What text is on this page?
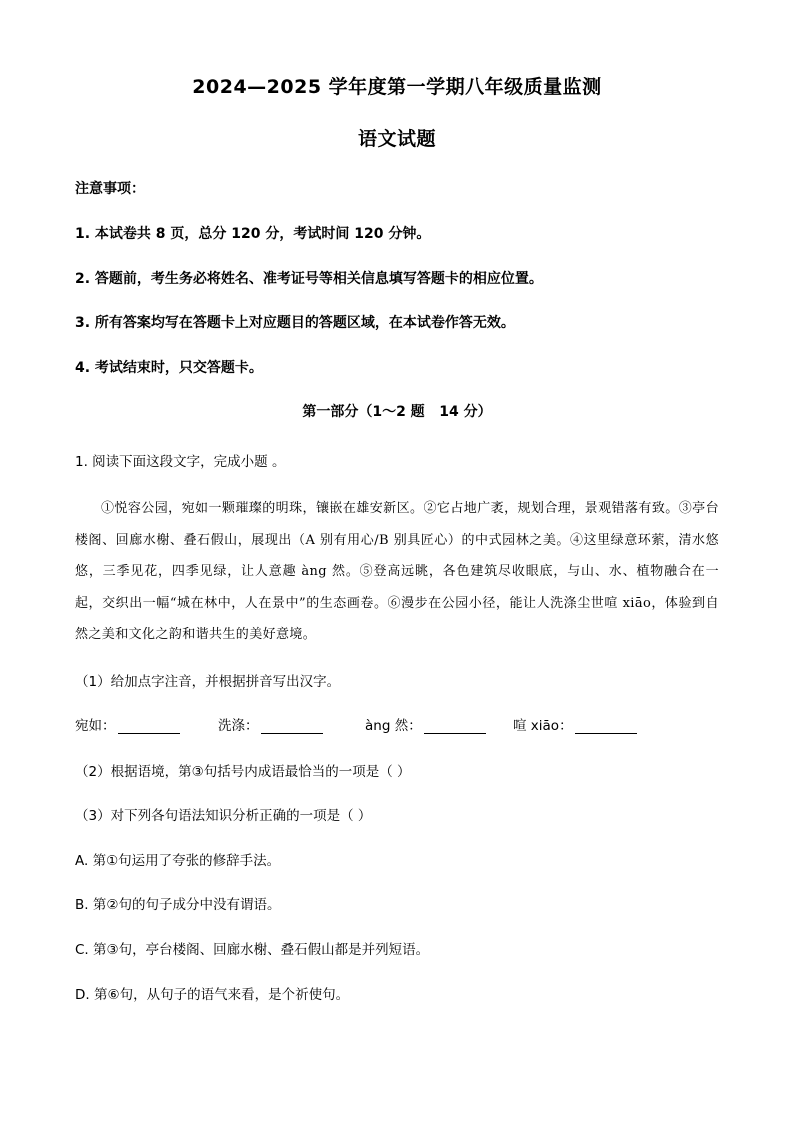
2024—2025 学年度第一学期八年级质量监测
语文试题
注意事项：
1. 本试卷共 8 页，总分 120 分，考试时间 120 分钟。
2. 答题前，考生务必将姓名、准考证号等相关信息填写答题卡的相应位置。
3. 所有答案均写在答题卡上对应题目的答题区域，在本试卷作答无效。
4. 考试结束时，只交答题卡。
第一部分（1～2 题   14 分）
1. 阅读下面这段文字，完成小题 。
①悦容公园，宛如一颗璀璨的明珠，镶嵌在雄安新区。②它占地广袤，规划合理，景观错落有致。③亭台楼阁、回廊水榭、叠石假山，展现出（A 别有用心/B 别具匠心）的中式园林之美。④这里绿意环萦，清水悠悠，三季见花，四季见绿，让人意趣 àng 然。⑤登高远眺，各色建筑尽收眼底，与山、水、植物融合在一起，交织出一幅“城在林中，人在景中”的生态画卷。⑥漫步在公园小径，能让人洗涤尘世喧 xiāo，体验到自然之美和文化之韵和谐共生的美好意境。
（1）给加点字注音，并根据拼音写出汉字。
宛如：	洗涤：	àng 然：	喧 xiāo：
（2）根据语境，第③句括号内成语最恰当的一项是（ ）
（3）对下列各句语法知识分析正确的一项是（ ）
A. 第①句运用了夸张的修辞手法。
B. 第②句的句子成分中没有谓语。
C. 第③句，亭台楼阁、回廊水榭、叠石假山都是并列短语。
D. 第⑥句，从句子的语气来看，是个祈使句。
